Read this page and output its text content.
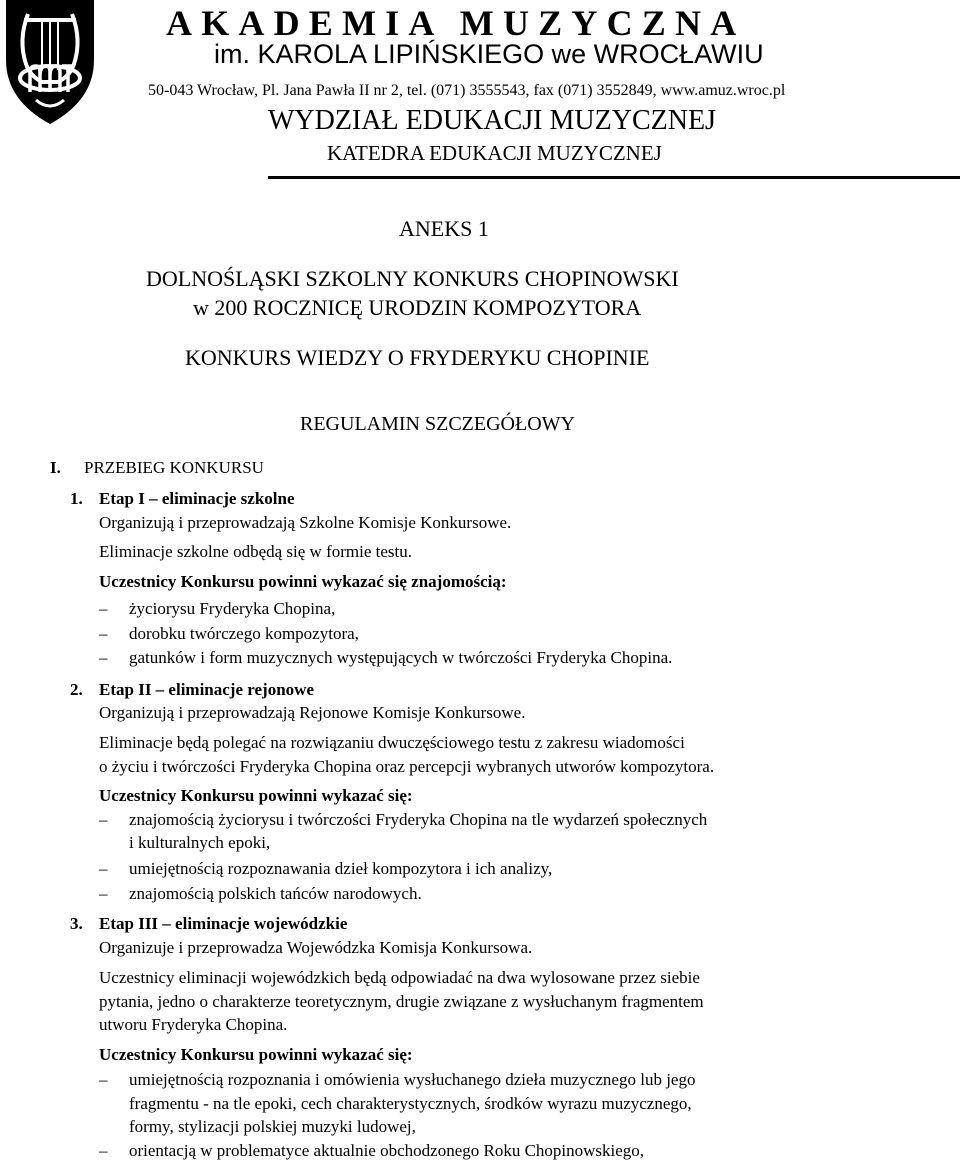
AKADEMIA MUZYCZNA
im. KAROLA LIPIŃSKIEGO we WROCŁAWIU
50-043 Wrocław, Pl. Jana Pawła II nr 2, tel. (071) 3555543, fax (071) 3552849, www.amuz.wroc.pl
WYDZIAŁ EDUKACJI MUZYCZNEJ
KATEDRA EDUKACJI MUZYCZNEJ
ANEKS 1
DOLNOŚLĄSKI SZKOLNY KONKURS CHOPINOWSKI
w 200 ROCZNICĘ URODZIN KOMPOZYTORA
KONKURS WIEDZY O FRYDERYKU CHOPINIE
REGULAMIN SZCZEGÓŁOWY
I. PRZEBIEG KONKURSU
1. Etap I – eliminacje szkolne
Organizują i przeprowadzają Szkolne Komisje Konkursowe.
Eliminacje szkolne odbędą się w formie testu.
Uczestnicy Konkursu powinni wykazać się znajomością:
– życiorysu Fryderyka Chopina,
– dorobku twórczego kompozytora,
– gatunków i form muzycznych występujących w twórczości Fryderyka Chopina.
2. Etap II – eliminacje rejonowe
Organizują i przeprowadzają Rejonowe Komisje Konkursowe.
Eliminacje będą polegać na rozwiązaniu dwuczęściowego testu z zakresu wiadomości
o życiu i twórczości Fryderyka Chopina oraz percepcji wybranych utworów kompozytora.
Uczestnicy Konkursu powinni wykazać się:
– znajomością życiorysu i twórczości Fryderyka Chopina na tle wydarzeń społecznych
i kulturalnych epoki,
– umiejętnością rozpoznawania dzieł kompozytora i ich analizy,
– znajomością polskich tańców narodowych.
3. Etap III – eliminacje wojewódzkie
Organizuje i przeprowadza Wojewódzka Komisja Konkursowa.
Uczestnicy eliminacji wojewódzkich będą odpowiadać na dwa wylosowane przez siebie
pytania, jedno o charakterze teoretycznym, drugie związane z wysłuchanym fragmentem
utworu Fryderyka Chopina.
Uczestnicy Konkursu powinni wykazać się:
– umiejętnością rozpoznania i omówienia wysłuchanego dzieła muzycznego lub jego
fragmentu - na tle epoki, cech charakterystycznych, środków wyrazu muzycznego,
formy, stylizacji polskiej muzyki ludowej,
– orientacją w problematyce aktualnie obchodzonego Roku Chopinowskiego,
